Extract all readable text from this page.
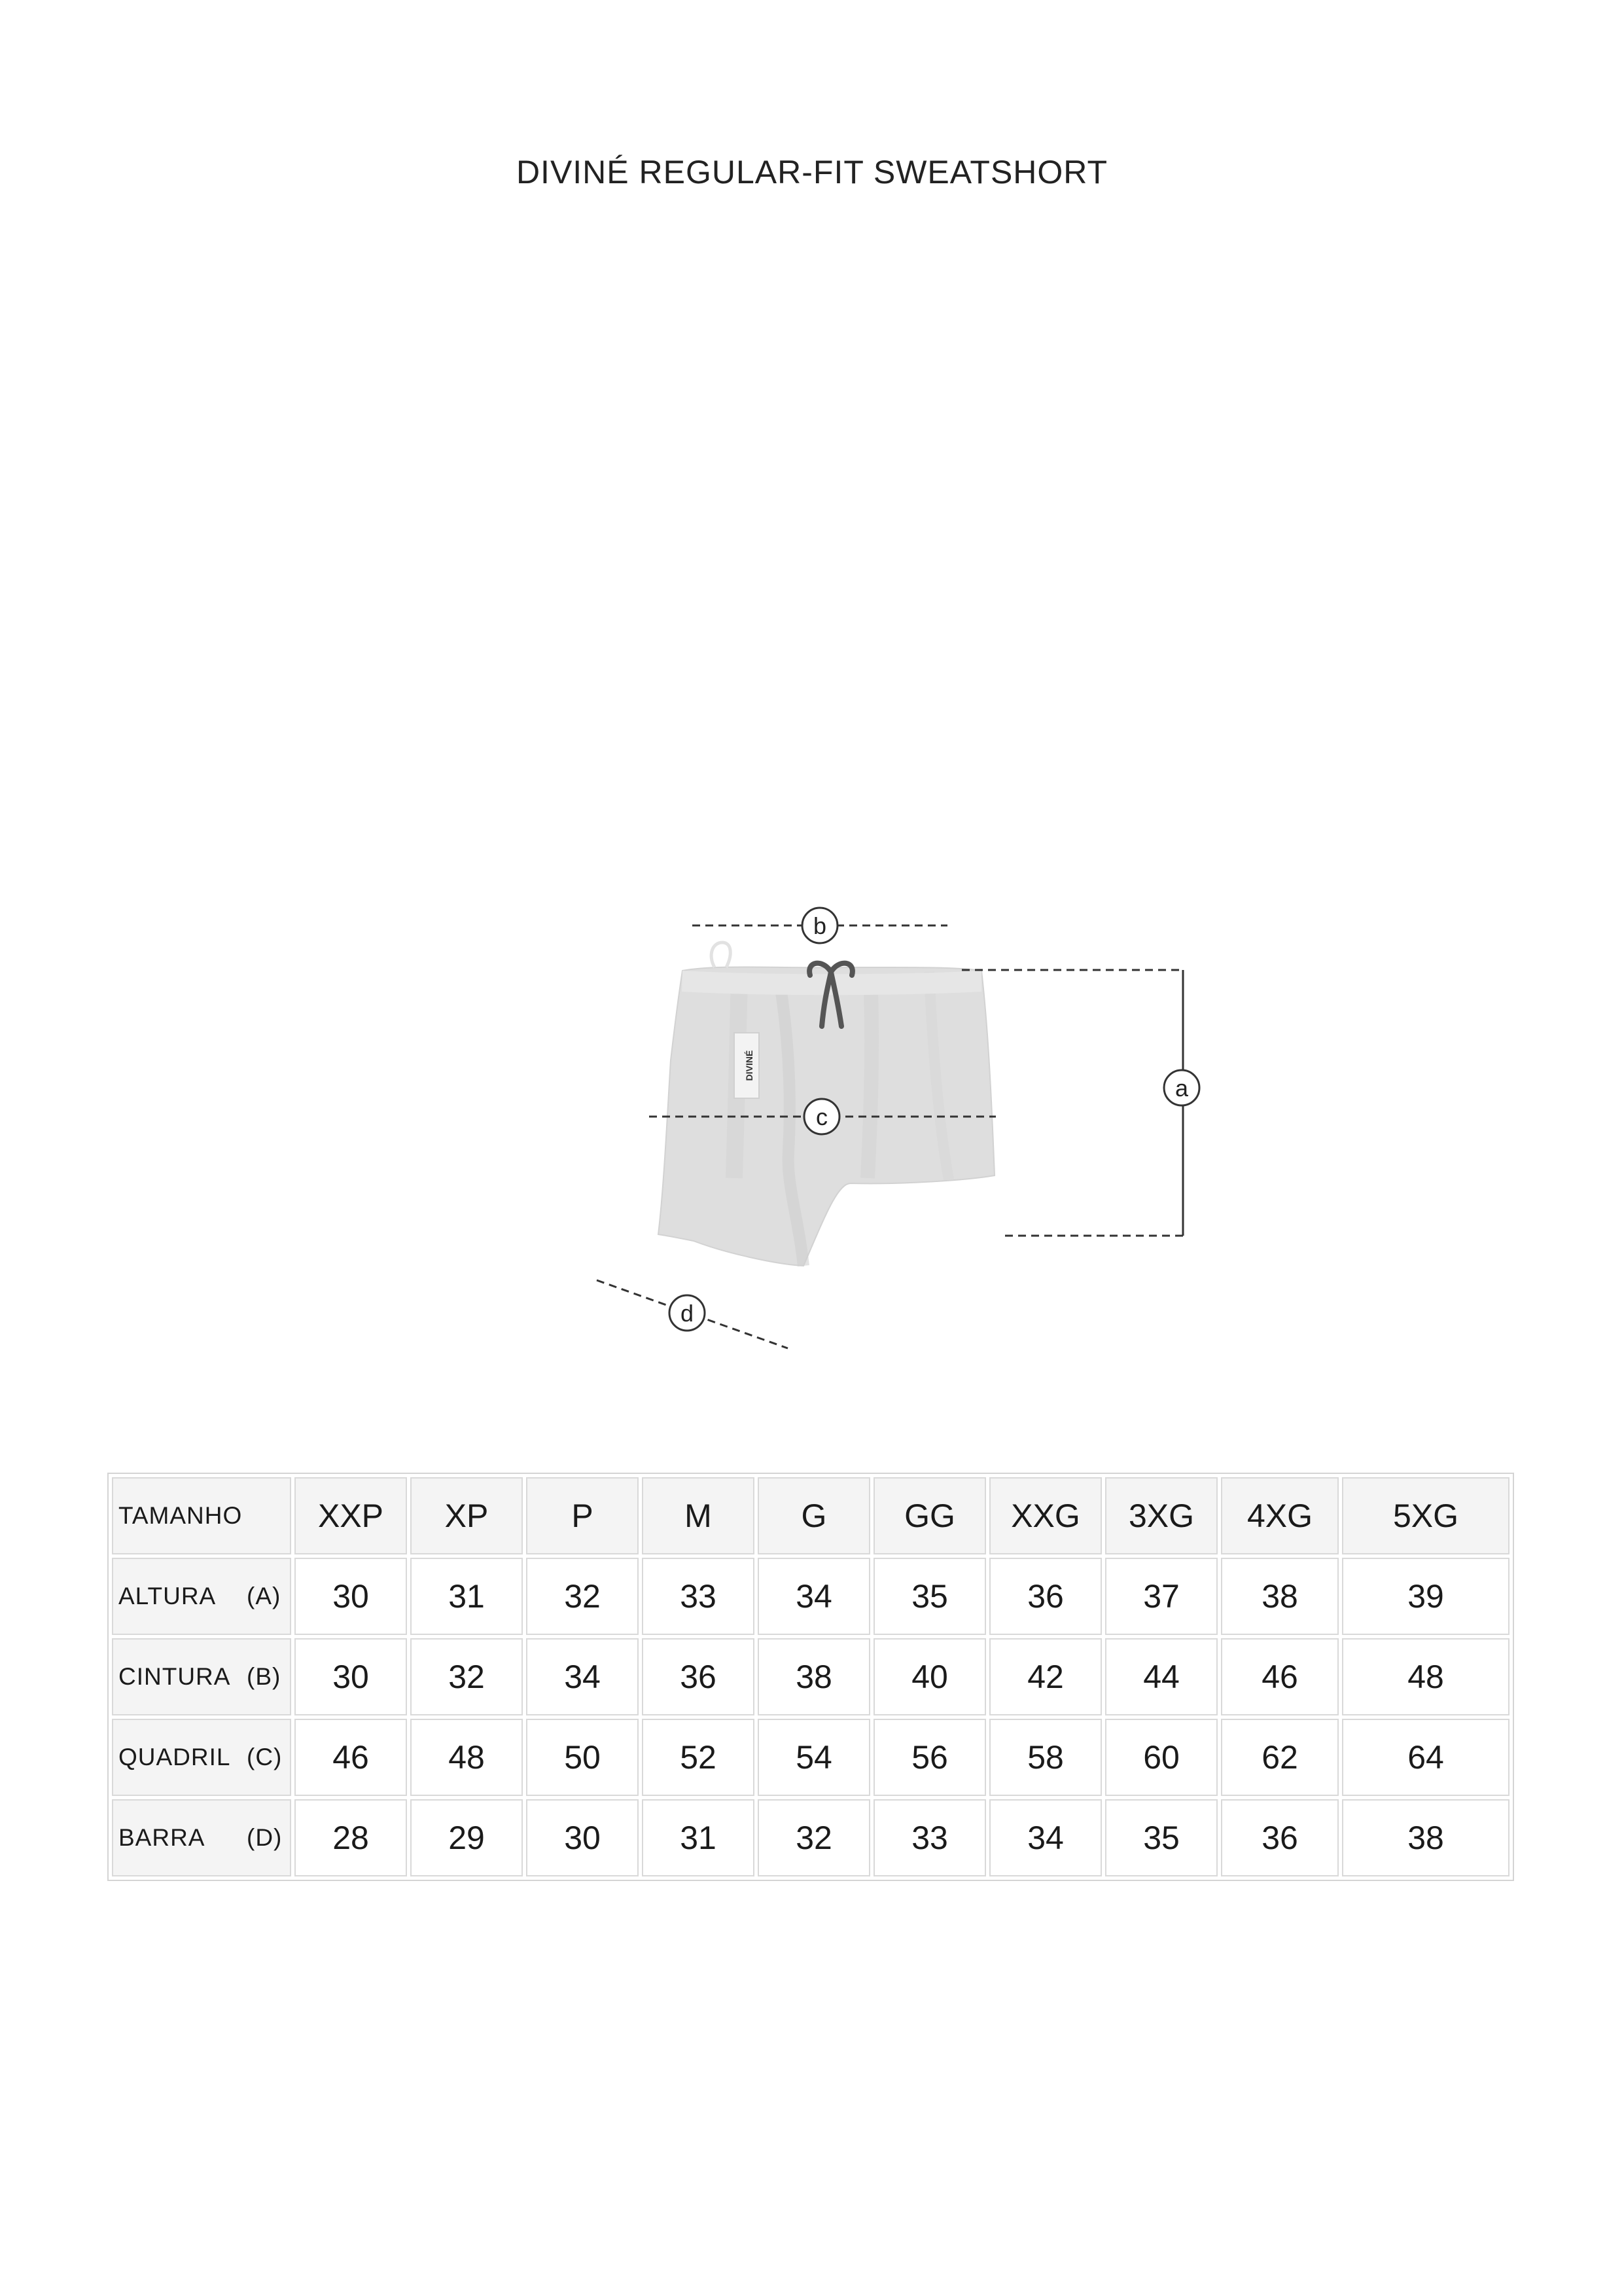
DIVINÉ REGULAR-FIT SWEATSHORT
DIVINÉ
b
a
c
d
TAMANHO	XXP	XP	P	M	G	GG	XXG	3XG	4XG	5XG
ALTURA (A)	30	31	32	33	34	35	36	37	38	39
CINTURA (B)	30	32	34	36	38	40	42	44	46	48
QUADRIL (C)	46	48	50	52	54	56	58	60	62	64
BARRA (D)	28	29	30	31	32	33	34	35	36	38
